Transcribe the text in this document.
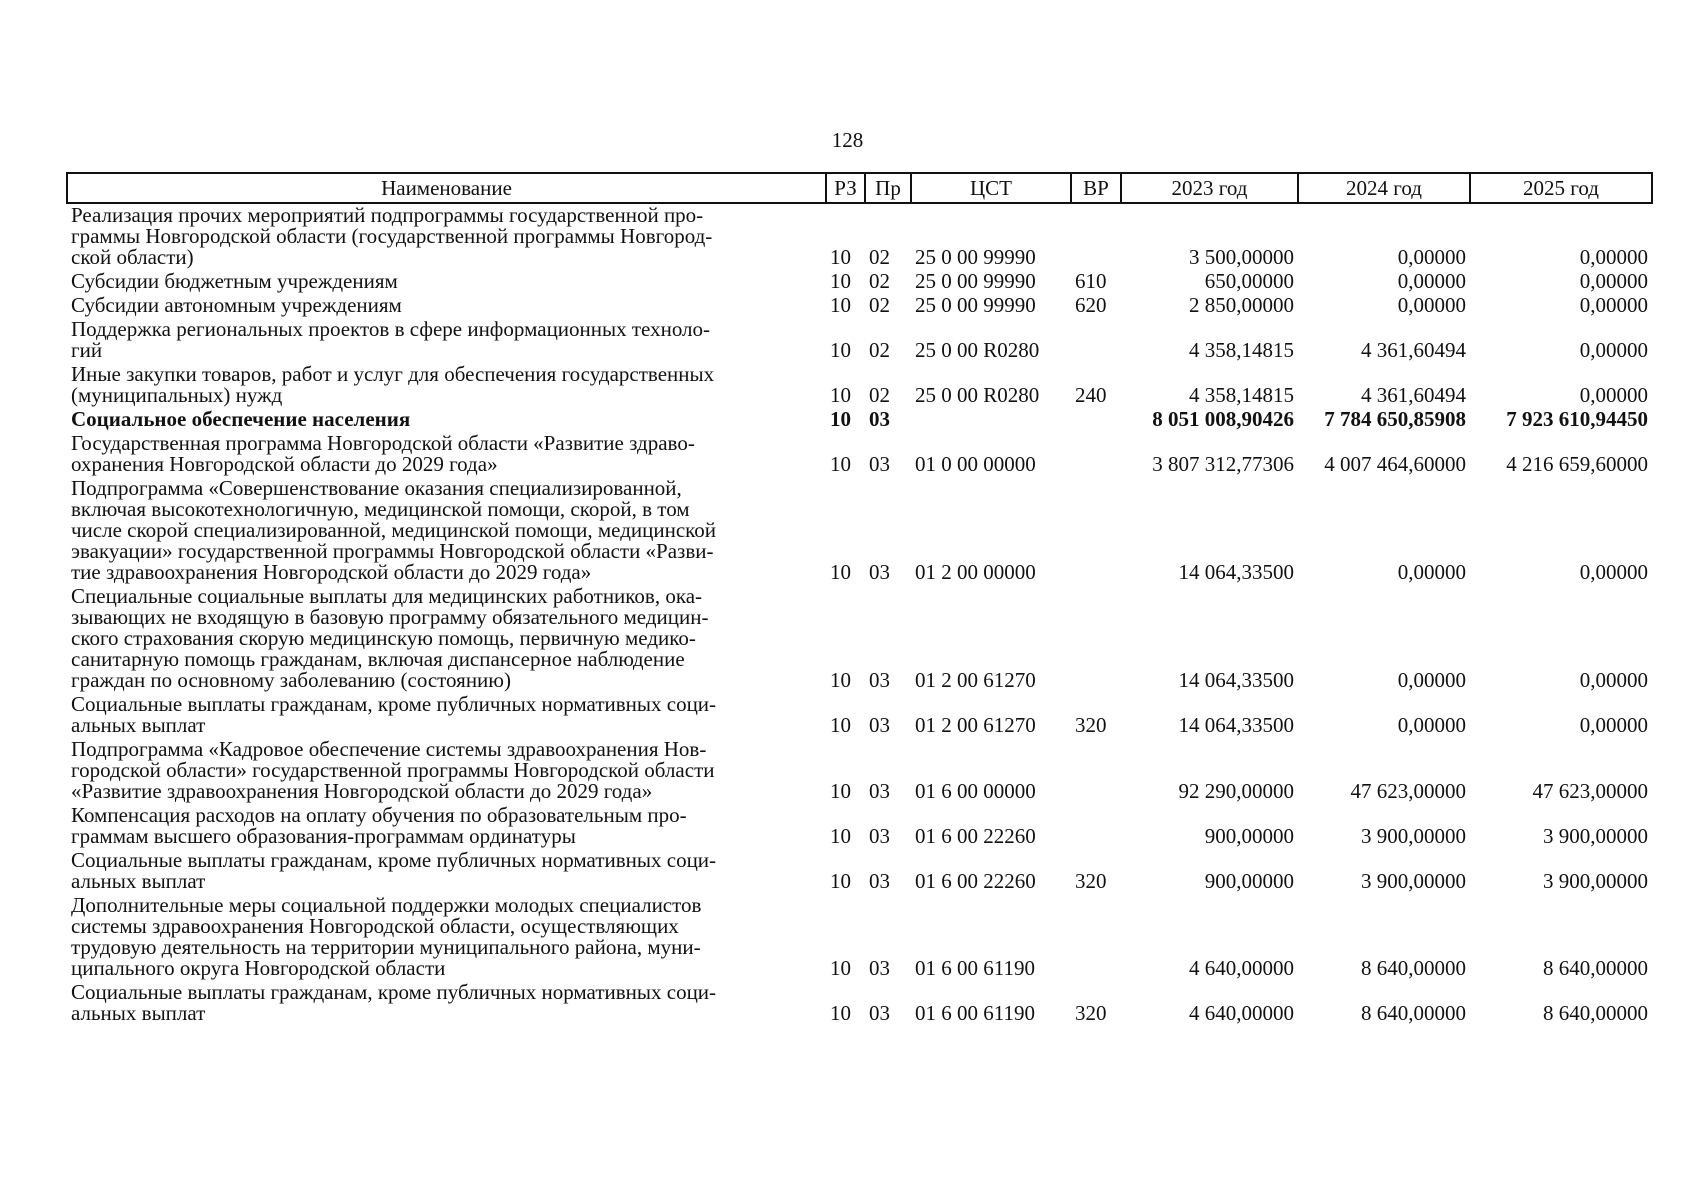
128
Наименование	РЗ	Пр	ЦСТ	ВР	2023 год	2024 год	2025 год

Реализация прочих мероприятий подпрограммы государственной про-
граммы Новгородской области (государственной программы Новгород-
ской области)	10	02	25 0 00 99990		3 500,00000	0,00000	0,00000

Субсидии бюджетным учреждениям	10	02	25 0 00 99990	610	650,00000	0,00000	0,00000

Субсидии автономным учреждениям	10	02	25 0 00 99990	620	2 850,00000	0,00000	0,00000

Поддержка региональных проектов в сфере информационных техноло-
гий	10	02	25 0 00 R0280		4 358,14815	4 361,60494	0,00000

Иные закупки товаров, работ и услуг для обеспечения государственных
(муниципальных) нужд	10	02	25 0 00 R0280	240	4 358,14815	4 361,60494	0,00000

Социальное обеспечение населения	10	03			8 051 008,90426	7 784 650,85908	7 923 610,94450

Государственная программа Новгородской области «Развитие здраво-
охранения Новгородской области до 2029 года»	10	03	01 0 00 00000		3 807 312,77306	4 007 464,60000	4 216 659,60000

Подпрограмма «Совершенствование оказания специализированной,
включая высокотехнологичную, медицинской помощи, скорой, в том
числе скорой специализированной, медицинской помощи, медицинской
эвакуации» государственной программы Новгородской области «Разви-
тие здравоохранения Новгородской области до 2029 года»	10	03	01 2 00 00000		14 064,33500	0,00000	0,00000

Специальные социальные выплаты для медицинских работников, ока-
зывающих не входящую в базовую программу обязательного медицин-
ского страхования скорую медицинскую помощь, первичную медико-
санитарную помощь гражданам, включая диспансерное наблюдение
граждан по основному заболеванию (состоянию)	10	03	01 2 00 61270		14 064,33500	0,00000	0,00000

Социальные выплаты гражданам, кроме публичных нормативных соци-
альных выплат	10	03	01 2 00 61270	320	14 064,33500	0,00000	0,00000

Подпрограмма «Кадровое обеспечение системы здравоохранения Нов-
городской области» государственной программы Новгородской области
«Развитие здравоохранения Новгородской области до 2029 года»	10	03	01 6 00 00000		92 290,00000	47 623,00000	47 623,00000

Компенсация расходов на оплату обучения по образовательным про-
граммам высшего образования-программам ординатуры	10	03	01 6 00 22260		900,00000	3 900,00000	3 900,00000

Социальные выплаты гражданам, кроме публичных нормативных соци-
альных выплат	10	03	01 6 00 22260	320	900,00000	3 900,00000	3 900,00000

Дополнительные меры социальной поддержки молодых специалистов
системы здравоохранения Новгородской области, осуществляющих
трудовую деятельность на территории муниципального района, муни-
ципального округа Новгородской области	10	03	01 6 00 61190		4 640,00000	8 640,00000	8 640,00000

Социальные выплаты гражданам, кроме публичных нормативных соци-
альных выплат	10	03	01 6 00 61190	320	4 640,00000	8 640,00000	8 640,00000
